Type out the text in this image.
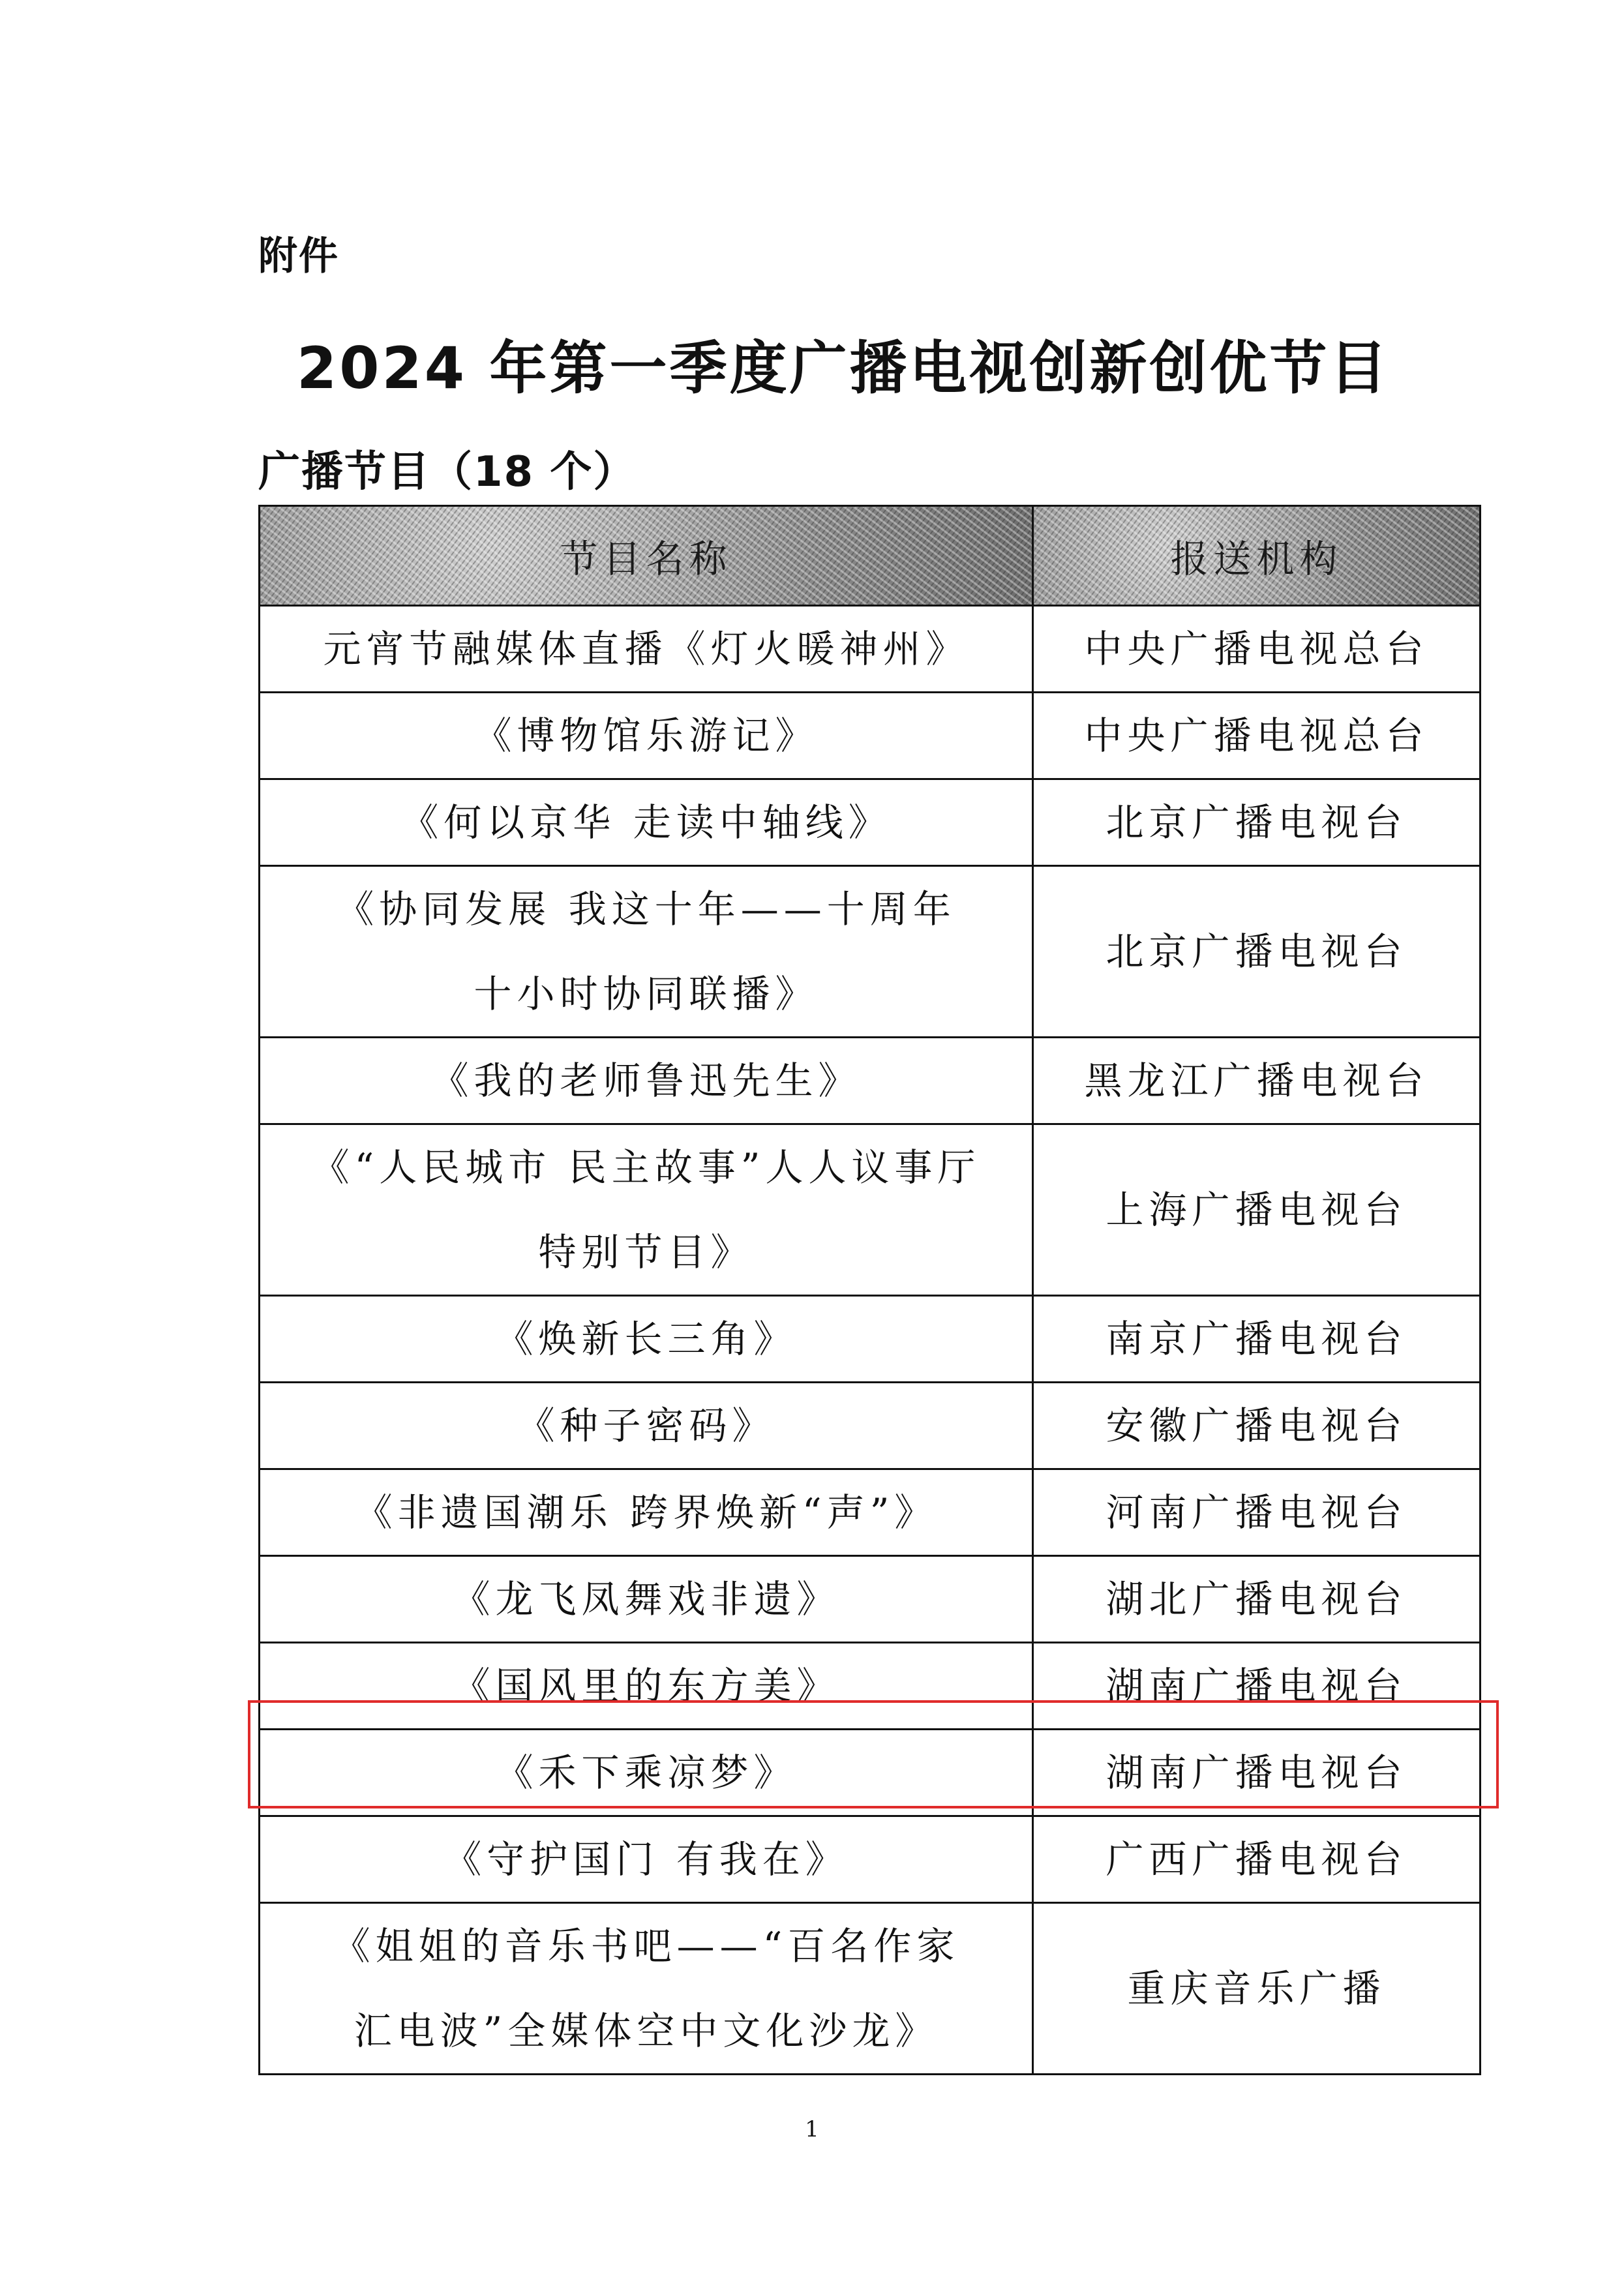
附件
2024 年第一季度广播电视创新创优节目
广播节目（18 个）
节目名称	报送机构
元宵节融媒体直播《灯火暖神州》	中央广播电视总台
《博物馆乐游记》	中央广播电视总台
《何以京华 走读中轴线》	北京广播电视台
《协同发展 我这十年——十周年
十小时协同联播》	北京广播电视台
《我的老师鲁迅先生》	黑龙江广播电视台
《“人民城市 民主故事”人人议事厅
特别节目》	上海广播电视台
《焕新长三角》	南京广播电视台
《种子密码》	安徽广播电视台
《非遗国潮乐 跨界焕新“声”》	河南广播电视台
《龙飞凤舞戏非遗》	湖北广播电视台
《国风里的东方美》	湖南广播电视台
《禾下乘凉梦》	湖南广播电视台
《守护国门 有我在》	广西广播电视台
《姐姐的音乐书吧——“百名作家
汇电波”全媒体空中文化沙龙》	重庆音乐广播
1
